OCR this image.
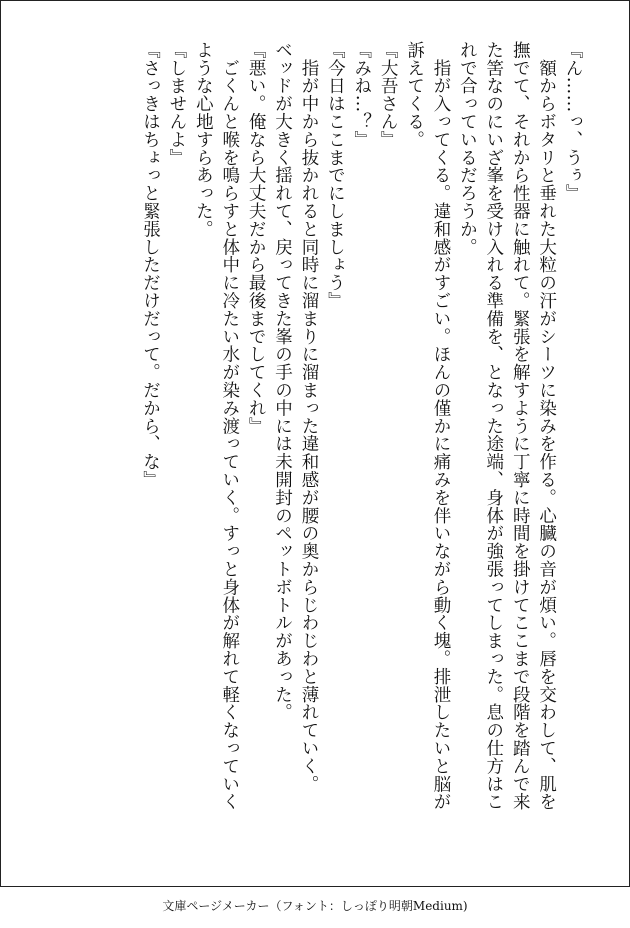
『ん……っ、うぅ』
　額からボタリと垂れた大粒の汗がシーツに染みを作る。心臓の音が煩い。唇を交わして、肌を
撫でて、それから性器に触れて。緊張を解すように丁寧に時間を掛けてここまで段階を踏んで来
た筈なのにいざ峯を受け入れる準備を、となった途端、身体が強張ってしまった。息の仕方はこ
れで合っているだろうか。
　指が入ってくる。違和感がすごい。ほんの僅かに痛みを伴いながら動く塊。排泄したいと脳が
訴えてくる。
『大吾さん』
『みね…？』
『今日はここまでにしましょう』
　指が中から抜かれると同時に溜まりに溜まった違和感が腰の奥からじわじわと薄れていく。
ベッドが大きく揺れて、戻ってきた峯の手の中には未開封のペットボトルがあった。
『悪い。俺なら大丈夫だから最後までしてくれ』
　ごくんと喉を鳴らすと体中に冷たい水が染み渡っていく。すっと身体が解れて軽くなっていく
ような心地すらあった。
『しませんよ』
『さっきはちょっと緊張しただけだって。だから、な』
文庫ページメーカー（フォント：しっぽり明朝Medium)
